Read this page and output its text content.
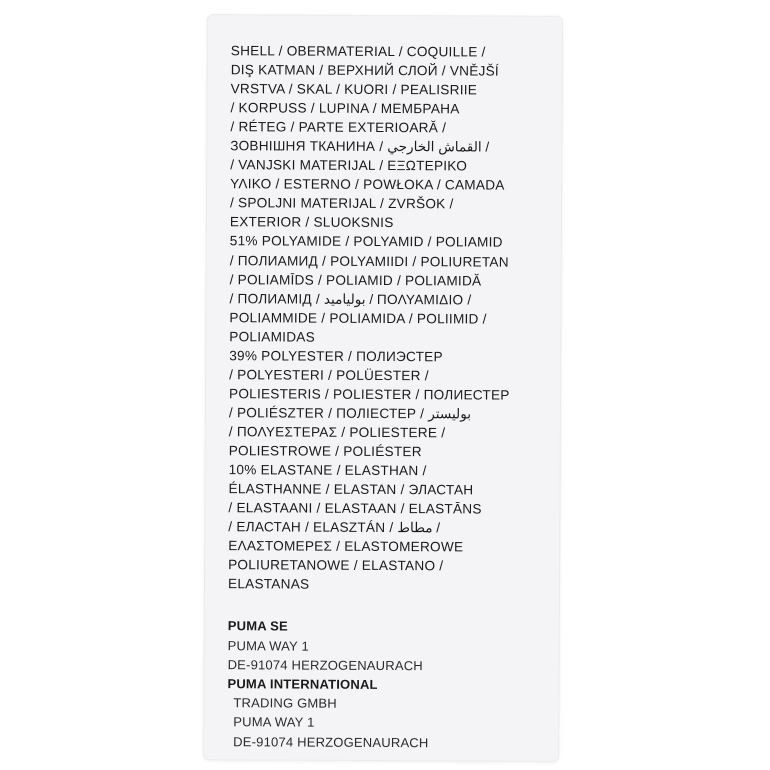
SHELL / OBERMATERIAL / COQUILLE /
DIŞ KATMAN / ВЕРХНИЙ СЛОЙ / VNĚJŠÍ
VRSTVA / SKAL / KUORI / PEALISRIIE
/ KORPUSS / LUPINA / МЕМБРАНА
/ RÉTEG / PARTE EXTERIOARĂ /
ЗОВНІШНЯ ТКАНИНА / القماش الخارجي /
/ VANJSKI MATERIJAL / ΕΞΩΤΕΡΙΚΟ
ΥΛΙΚΟ / ESTERNO / POWŁOKA / CAMADA
/ SPOLJNI MATERIJAL / ZVRŠOK /
EXTERIOR / SLUOKSNIS
51% POLYAMIDE / POLYAMID / POLIAMID
/ ПОЛИАМИД / POLYAMIIDI / POLIURETAN
/ POLIAMĪDS / POLIAMID / POLIAMIDĂ
/ ПОЛИАМІД / بولياميد / ΠΟΛΥΑΜΙΔΙΟ /
POLIAMMIDE / POLIAMIDA / POLIIMID /
POLIAMIDAS
39% POLYESTER / ПОЛИЭСТЕР
/ POLYESTERI / POLÜESTER /
POLIESTERIS / POLIESTER / ПОЛИЕСТЕР
/ POLIÉSZTER / ПОЛІЕСТЕР / بوليستر
/ ΠΟΛΥΕΣΤΕΡΑΣ / POLIESTERE /
POLIESTROWE / POLIÉSTER
10% ELASTANE / ELASTHAN /
ÉLASTHANNE / ELASTAN / ЭЛАСТАН
/ ELASTAANI / ELASTAAN / ELASTĀNS
/ ЕЛАСТАН / ELASZTÁN / مطاط /
ΕΛΑΣΤΟΜΕΡΕΣ / ELASTOMEROWE
POLIURETANOWE / ELASTANO /
ELASTANAS
PUMA SE
PUMA WAY 1
DE-91074 HERZOGENAURACH
PUMA INTERNATIONAL
TRADING GMBH
PUMA WAY 1
DE-91074 HERZOGENAURACH
